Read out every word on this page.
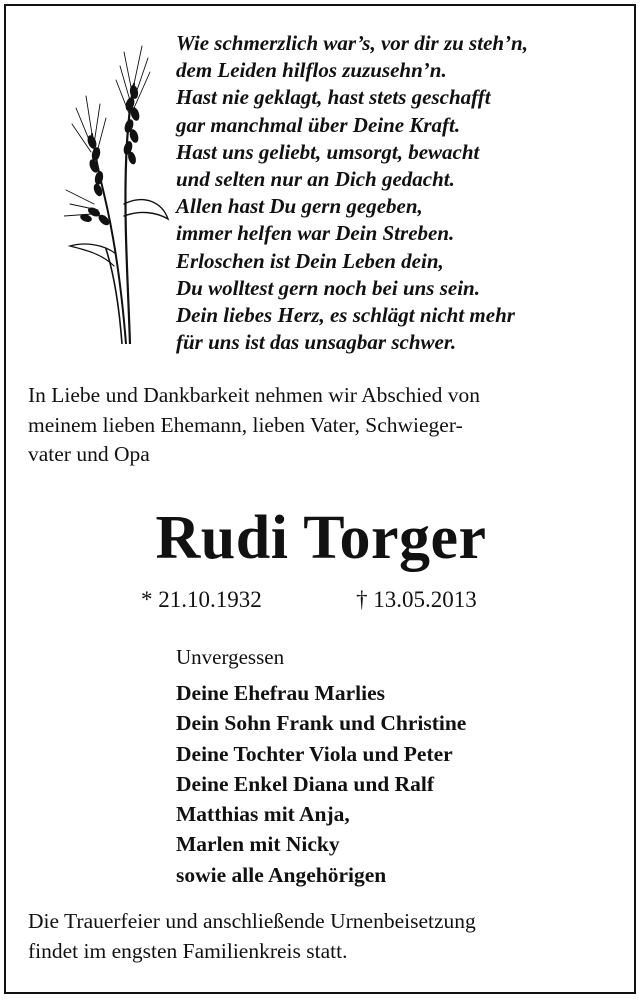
Wie schmerzlich war’s, vor dir zu steh’n,
dem Leiden hilflos zuzusehn’n.
Hast nie geklagt, hast stets geschafft
gar manchmal über Deine Kraft.
Hast uns geliebt, umsorgt, bewacht
und selten nur an Dich gedacht.
Allen hast Du gern gegeben,
immer helfen war Dein Streben.
Erloschen ist Dein Leben dein,
Du wolltest gern noch bei uns sein.
Dein liebes Herz, es schlägt nicht mehr
für uns ist das unsagbar schwer.
In Liebe und Dankbarkeit nehmen wir Abschied von
meinem lieben Ehemann, lieben Vater, Schwieger-
vater und Opa
Rudi Torger
* 21.10.1932	† 13.05.2013
Unvergessen
Deine Ehefrau Marlies
Dein Sohn Frank und Christine
Deine Tochter Viola und Peter
Deine Enkel Diana und Ralf
Matthias mit Anja,
Marlen mit Nicky
sowie alle Angehörigen
Die Trauerfeier und anschließende Urnenbeisetzung
findet im engsten Familienkreis statt.
